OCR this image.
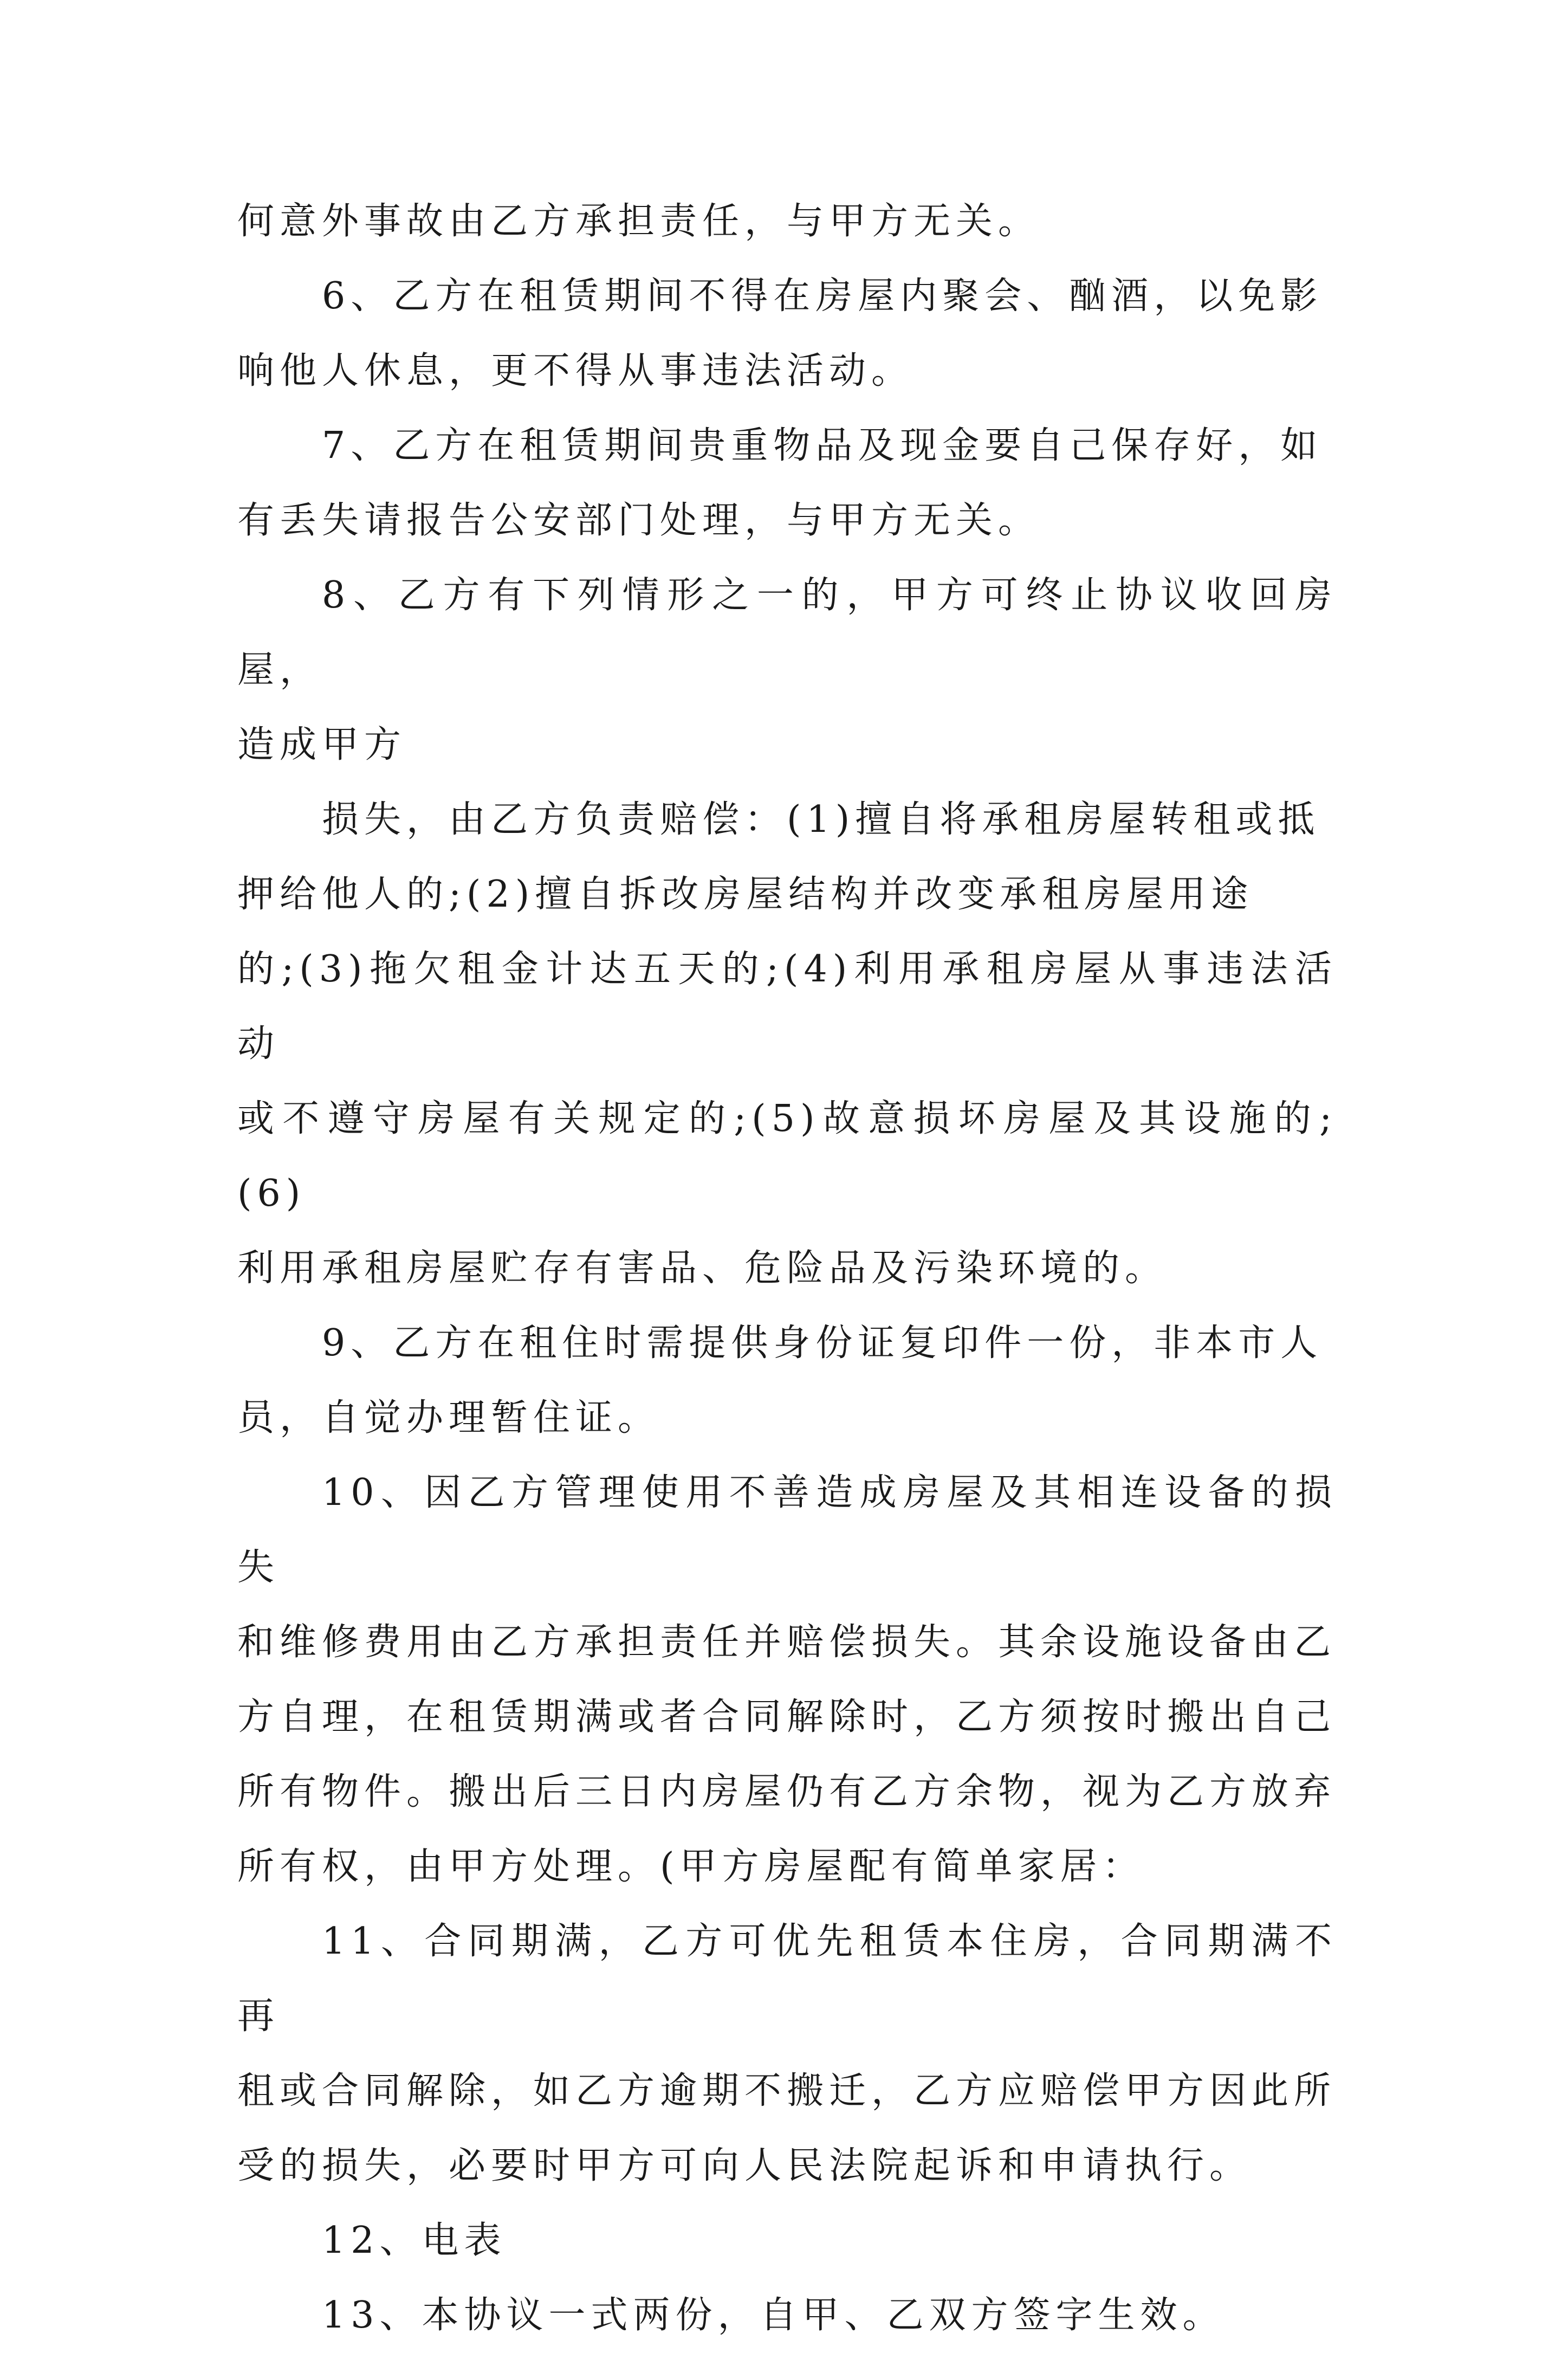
何意外事故由乙方承担责任，与甲方无关。

6、乙方在租赁期间不得在房屋内聚会、酗酒，以免影
响他人休息，更不得从事违法活动。

7、乙方在租赁期间贵重物品及现金要自己保存好，如
有丢失请报告公安部门处理，与甲方无关。

8、乙方有下列情形之一的，甲方可终止协议收回房屋，
造成甲方

损失，由乙方负责赔偿：(1)擅自将承租房屋转租或抵
押给他人的;(2)擅自拆改房屋结构并改变承租房屋用途
的;(3)拖欠租金计达五天的;(4)利用承租房屋从事违法活动
或不遵守房屋有关规定的;(5)故意损坏房屋及其设施的;(6)
利用承租房屋贮存有害品、危险品及污染环境的。

9、乙方在租住时需提供身份证复印件一份，非本市人
员，自觉办理暂住证。

10、因乙方管理使用不善造成房屋及其相连设备的损失
和维修费用由乙方承担责任并赔偿损失。其余设施设备由乙
方自理，在租赁期满或者合同解除时，乙方须按时搬出自己
所有物件。搬出后三日内房屋仍有乙方余物，视为乙方放弃
所有权，由甲方处理。(甲方房屋配有简单家居：

11、合同期满，乙方可优先租赁本住房，合同期满不再
租或合同解除，如乙方逾期不搬迁，乙方应赔偿甲方因此所
受的损失，必要时甲方可向人民法院起诉和申请执行。

12、电表

13、本协议一式两份，自甲、乙双方签字生效。
